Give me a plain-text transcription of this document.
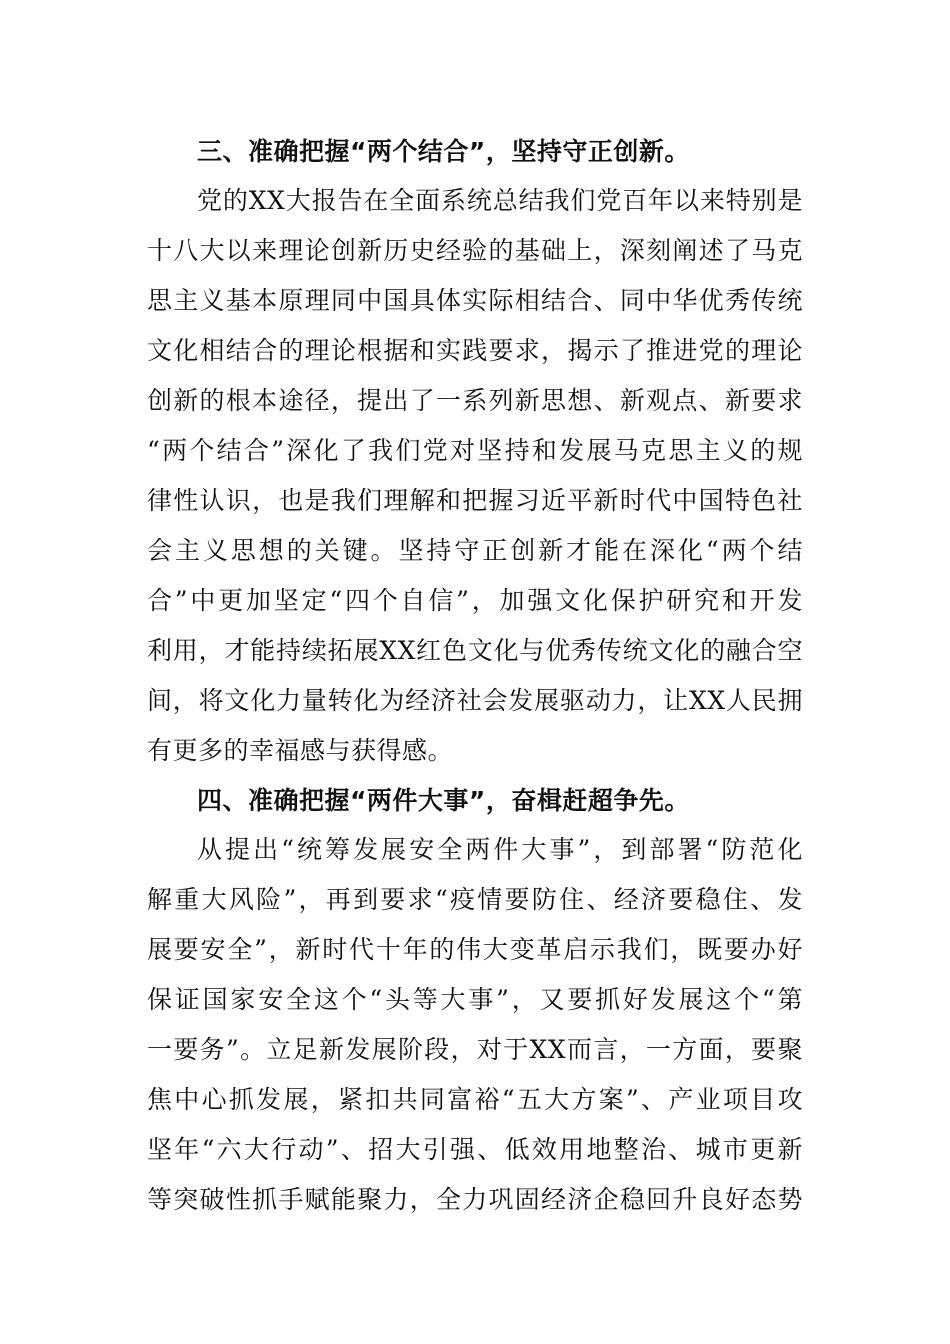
三、准确把握“两个结合”，坚持守正创新。
党的XX大报告在全面系统总结我们党百年以来特别是
十八大以来理论创新历史经验的基础上，深刻阐述了马克
思主义基本原理同中国具体实际相结合、同中华优秀传统
文化相结合的理论根据和实践要求，揭示了推进党的理论
创新的根本途径，提出了一系列新思想、新观点、新要求
“两个结合”深化了我们党对坚持和发展马克思主义的规
律性认识，也是我们理解和把握习近平新时代中国特色社
会主义思想的关键。坚持守正创新才能在深化“两个结
合”中更加坚定“四个自信”，加强文化保护研究和开发
利用，才能持续拓展XX红色文化与优秀传统文化的融合空
间，将文化力量转化为经济社会发展驱动力，让XX人民拥
有更多的幸福感与获得感。
四、准确把握“两件大事”，奋楫赶超争先。
从提出“统筹发展安全两件大事”，到部署“防范化
解重大风险”，再到要求“疫情要防住、经济要稳住、发
展要安全”，新时代十年的伟大变革启示我们，既要办好
保证国家安全这个“头等大事”，又要抓好发展这个“第
一要务”。立足新发展阶段，对于XX而言，一方面，要聚
焦中心抓发展，紧扣共同富裕“五大方案”、产业项目攻
坚年“六大行动”、招大引强、低效用地整治、城市更新
等突破性抓手赋能聚力，全力巩固经济企稳回升良好态势
